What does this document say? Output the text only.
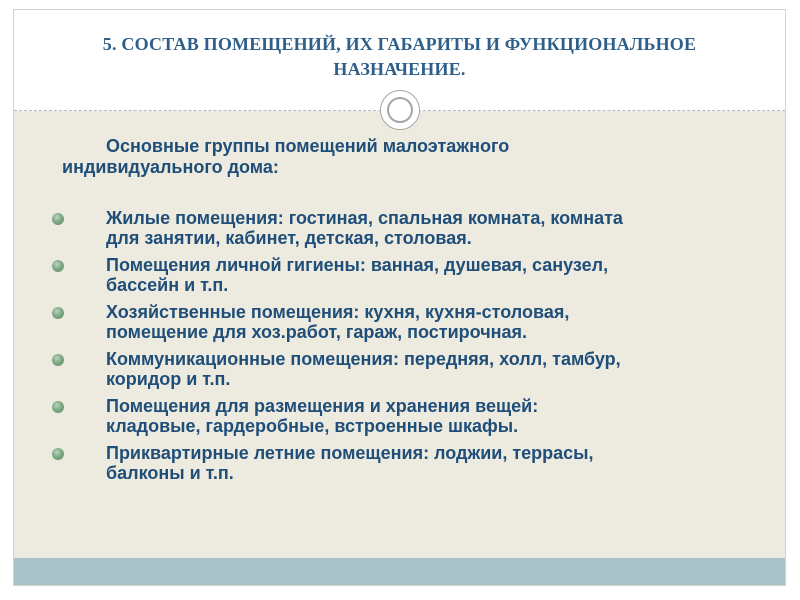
5. СОСТАВ ПОМЕЩЕНИЙ, ИХ ГАБАРИТЫ И ФУНКЦИОНАЛЬНОЕ
НАЗНАЧЕНИЕ.
Основные группы помещений малоэтажного
индивидуального дома:
Жилые помещения: гостиная, спальная комната, комната
для занятии, кабинет, детская, столовая.
Помещения личной гигиены: ванная, душевая, санузел,
бассейн и т.п.
Хозяйственные помещения: кухня, кухня-столовая,
помещение для хоз.работ, гараж, постирочная.
Коммуникационные помещения: передняя, холл, тамбур,
коридор и т.п.
Помещения для размещения и хранения вещей:
кладовые, гардеробные, встроенные шкафы.
Приквартирные летние помещения: лоджии, террасы,
балконы и т.п.
